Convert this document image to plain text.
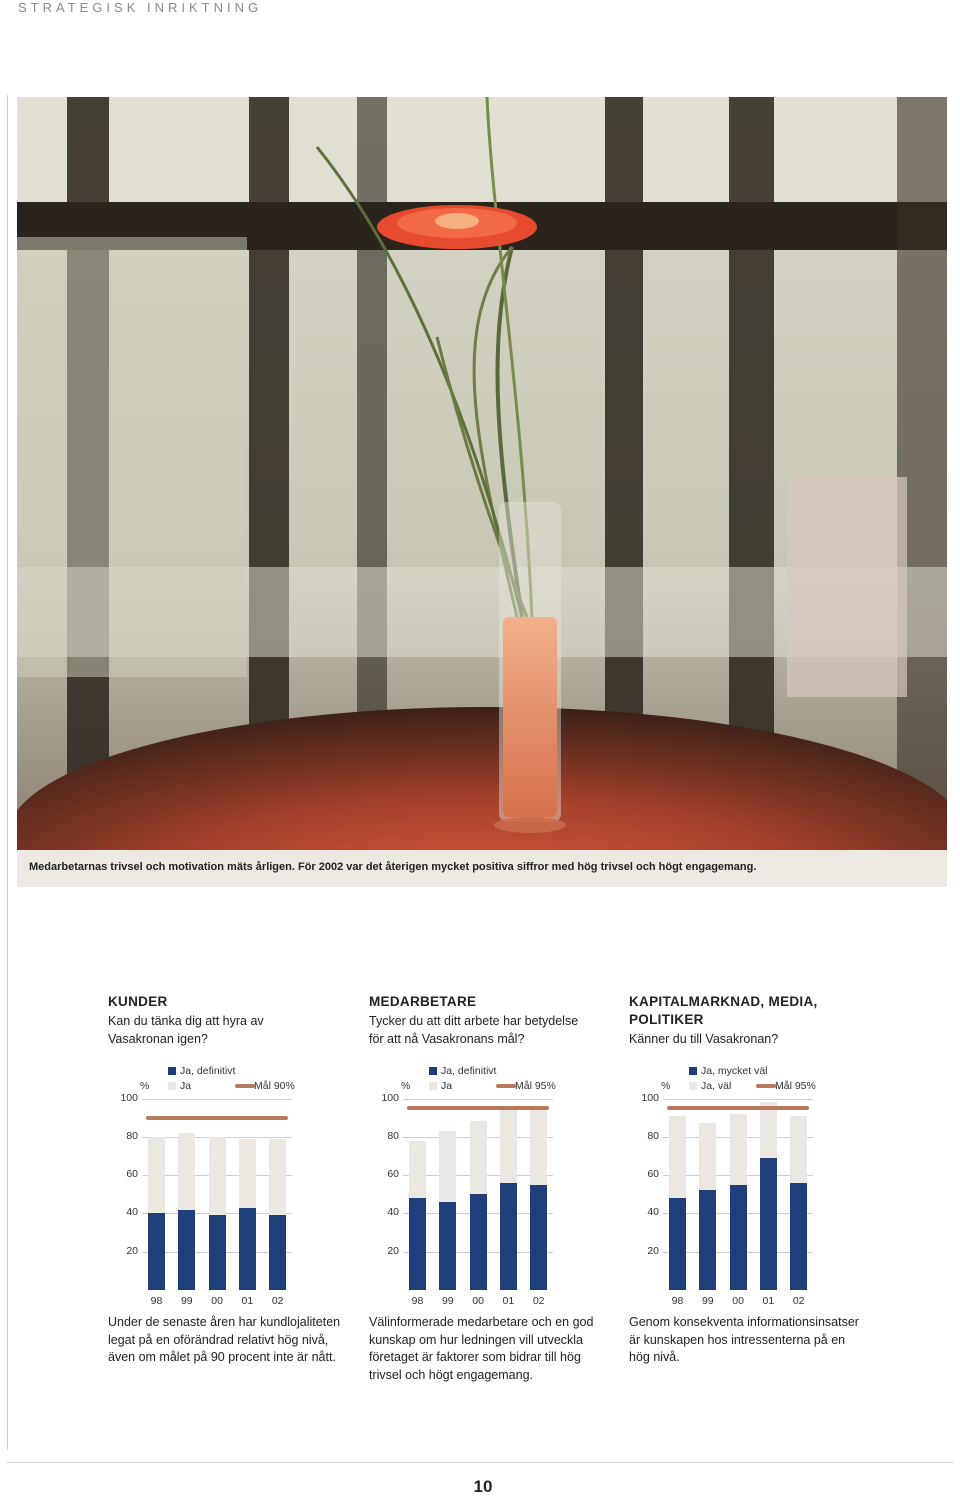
STRATEGISK INRIKTNING
Medarbetarnas trivsel och motivation mäts årligen. För 2002 var det återigen mycket positiva siffror med hög trivsel och högt engagemang.
KUNDER
Kan du tänka dig att hyra av Vasakronan igen?
MEDARBETARE
Tycker du att ditt arbete har betydelse för att nå Vasakronans mål?
KAPITALMARKNAD, MEDIA, POLITIKER
Känner du till Vasakronan?
Ja, definitivt
Ja	Mål 90%
%
100
80
60
40
20
98	99	00	01	02
Ja, definitivt
Ja	Mål 95%
%
100
80
60
40
20
98	99	00	01	02
Ja, mycket väl
Ja, väl	Mål 95%
%
100
80
60
40
20
98	99	00	01	02
Under de senaste åren har kundlojaliteten legat på en oförändrad relativt hög nivå, även om målet på 90 procent inte är nått.
Välinformerade medarbetare och en god kunskap om hur ledningen vill utveckla företaget är faktorer som bidrar till hög trivsel och högt engagemang.
Genom konsekventa informationsinsatser är kunskapen hos intressenterna på en hög nivå.
10
